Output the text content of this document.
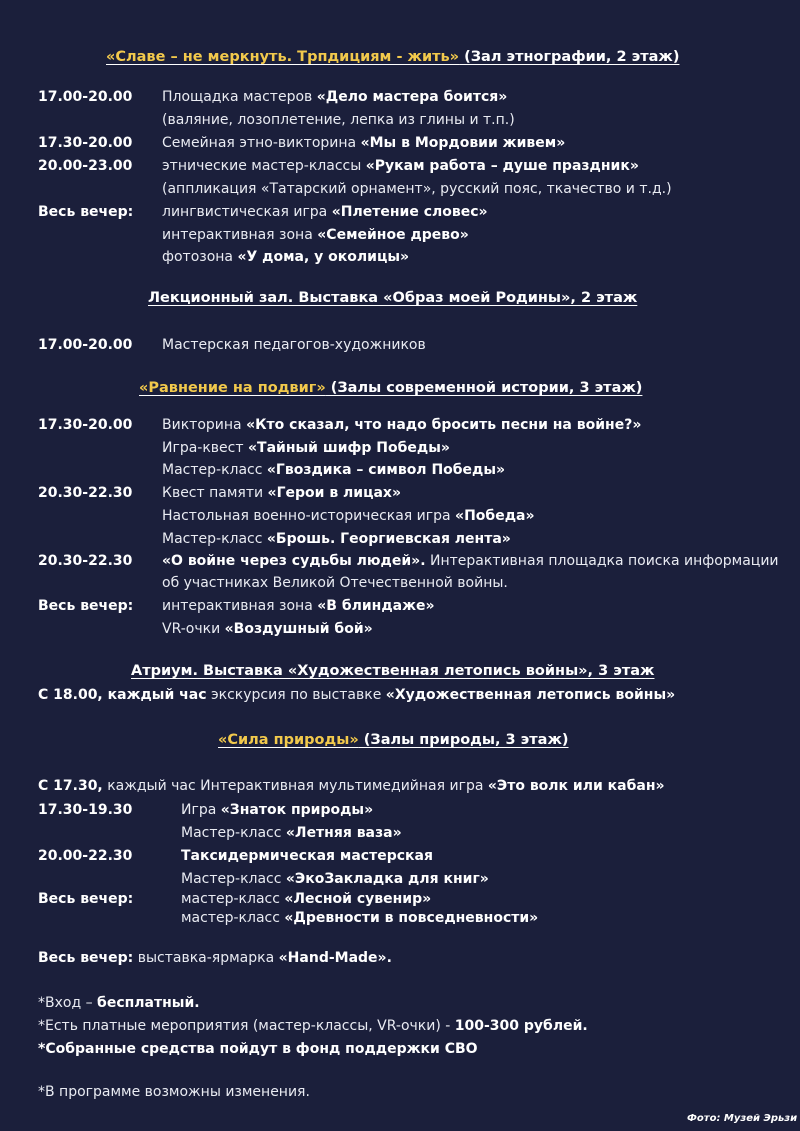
«Славе – не меркнуть. Трпдициям - жить» (Зал этнографии, 2 этаж)
17.00-20.00 Площадка мастеров «Дело мастера боится»
(валяние, лозоплетение, лепка из глины и т.п.)
17.30-20.00 Семейная этно-викторина «Мы в Мордовии живем»
20.00-23.00 этнические мастер-классы «Рукам работа – душе праздник»
(аппликация «Татарский орнамент», русский пояс, ткачество и т.д.)
Весь вечер: лингвистическая игра «Плетение словес»
интерактивная зона «Семейное древо»
фотозона «У дома, у околицы»
Лекционный зал. Выставка «Образ моей Родины», 2 этаж
17.00-20.00 Мастерская педагогов-художников
«Равнение на подвиг» (Залы современной истории, 3 этаж)
17.30-20.00 Викторина «Кто сказал, что надо бросить песни на войне?»
Игра-квест «Тайный шифр Победы»
Мастер-класс «Гвоздика – символ Победы»
20.30-22.30 Квест памяти «Герои в лицах»
Настольная военно-историческая игра «Победа»
Мастер-класс «Брошь. Георгиевская лента»
20.30-22.30 «О войне через судьбы людей». Интерактивная площадка поиска информации
об участниках Великой Отечественной войны.
Весь вечер: интерактивная зона «В блиндаже»
VR-очки «Воздушный бой»
Атриум. Выставка «Художественная летопись войны», 3 этаж
С 18.00, каждый час экскурсия по выставке «Художественная летопись войны»
«Сила природы» (Залы природы, 3 этаж)
С 17.30, каждый час Интерактивная мультимедийная игра «Это волк или кабан»
17.30-19.30	Игра «Знаток природы»
Мастер-класс «Летняя ваза»
20.00-22.30	Таксидермическая мастерская
Мастер-класс «ЭкоЗакладка для книг»
Весь вечер:	мастер-класс «Лесной сувенир»
мастер-класс «Древности в повседневности»
Весь вечер: выставка-ярмарка «Hand-Made».
*Вход – бесплатный.
*Есть платные мероприятия (мастер-классы, VR-очки) - 100-300 рублей.
*Собранные средства пойдут в фонд поддержки СВО
*В программе возможны изменения.
Фото: Музей Эрьзи
